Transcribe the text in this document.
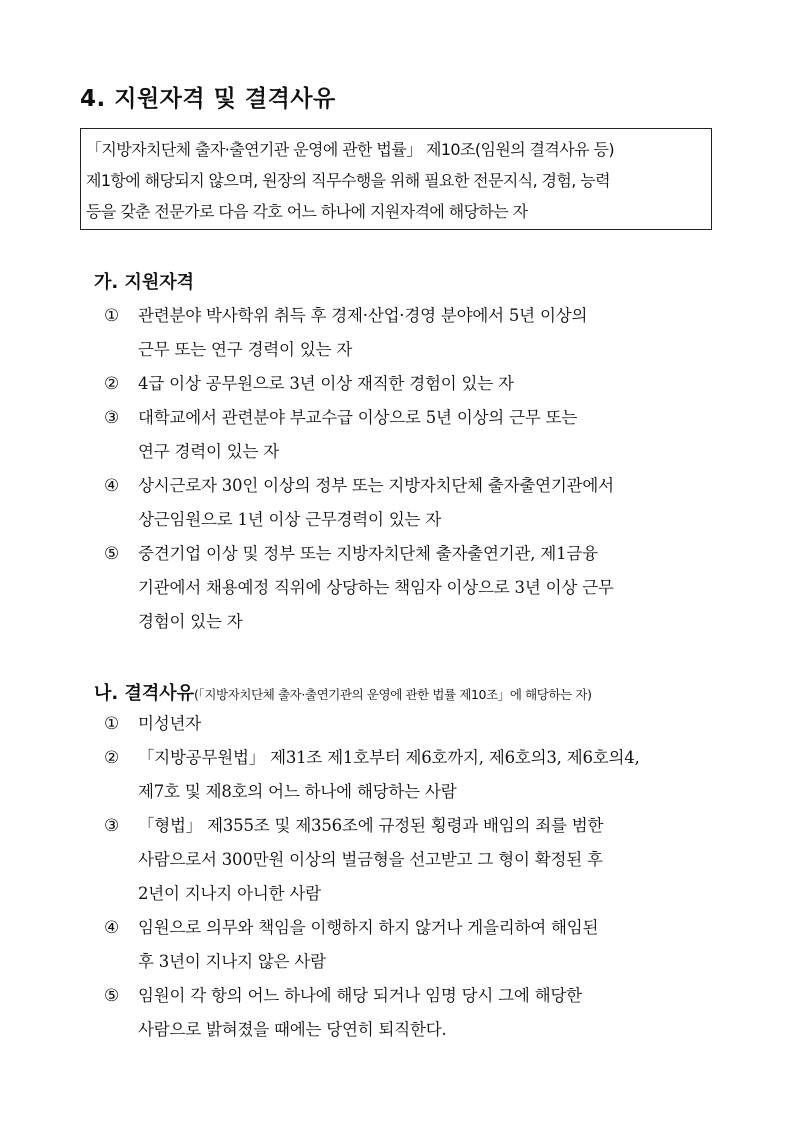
4. 지원자격 및 결격사유

「지방자치단체 출자·출연기관 운영에 관한 법률」 제10조(임원의 결격사유 등)

제1항에 해당되지 않으며, 원장의 직무수행을 위해 필요한 전문지식, 경험, 능력

등을 갖춘 전문가로 다음 각호 어느 하나에 지원자격에 해당하는 자

가. 지원자격
①	관련분야 박사학위 취득 후 경제·산업·경영 분야에서 5년 이상의
근무 또는 연구 경력이 있는 자
②	4급 이상 공무원으로 3년 이상 재직한 경험이 있는 자
③	대학교에서 관련분야 부교수급 이상으로 5년 이상의 근무 또는
연구 경력이 있는 자
④	상시근로자 30인 이상의 정부 또는 지방자치단체 출자출연기관에서
상근임원으로 1년 이상 근무경력이 있는 자
⑤	중견기업 이상 및 정부 또는 지방자치단체 출자출연기관, 제1금융
기관에서 채용예정 직위에 상당하는 책임자 이상으로 3년 이상 근무
경험이 있는 자
나. 결격사유(「지방자치단체 출자·출연기관의 운영에 관한 법률 제10조」에 해당하는 자)
①	미성년자
②	「지방공무원법」 제31조 제1호부터 제6호까지, 제6호의3, 제6호의4,
제7호 및 제8호의 어느 하나에 해당하는 사람
③	「형법」 제355조 및 제356조에 규정된 횡령과 배임의 죄를 범한
사람으로서 300만원 이상의 벌금형을 선고받고 그 형이 확정된 후
2년이 지나지 아니한 사람
④	임원으로 의무와 책임을 이행하지 하지 않거나 게을리하여 해임된
후 3년이 지나지 않은 사람
⑤	임원이 각 항의 어느 하나에 해당 되거나 임명 당시 그에 해당한
사람으로 밝혀졌을 때에는 당연히 퇴직한다.
